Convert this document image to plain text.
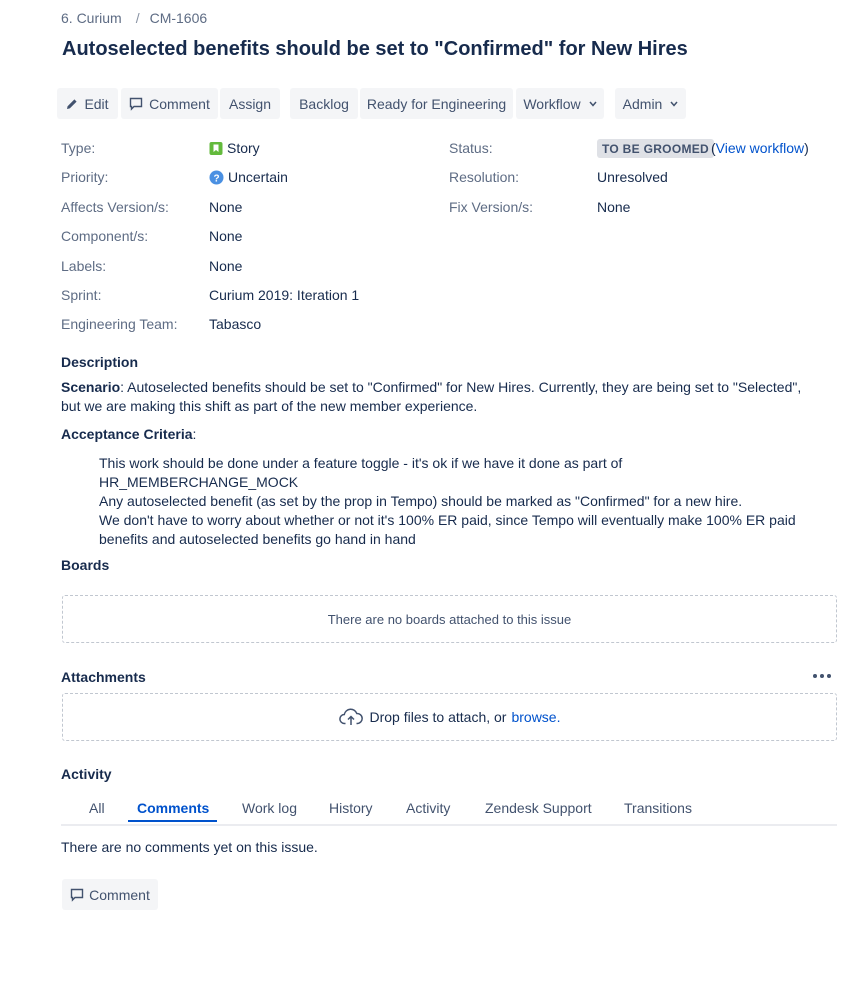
6. Curium / CM-1606
Autoselected benefits should be set to "Confirmed" for New Hires
Edit	Comment	Assign	Backlog	Ready for Engineering	Workflow	Admin
Type:	Story
Priority:	? Uncertain
Affects Version/s:	None
Component/s:	None
Labels:	None
Sprint:	Curium 2019: Iteration 1
Engineering Team: Tabasco
Status:	TO BE GROOMED (View workflow)
Resolution:	Unresolved
Fix Version/s:	None
Description
Scenario: Autoselected benefits should be set to "Confirmed" for New Hires. Currently, they are being set to "Selected", but we are making this shift as part of the new member experience.
Acceptance Criteria:

This work should be done under a feature toggle - it's ok if we have it done as part of HR_MEMBERCHANGE_MOCK

Any autoselected benefit (as set by the prop in Tempo) should be marked as "Confirmed" for a new hire.

We don't have to worry about whether or not it's 100% ER paid, since Tempo will eventually make 100% ER paid benefits and autoselected benefits go hand in hand

Boards
There are no boards attached to this issue
Attachments
Drop files to attach, or browse.
Activity
All Comments Work log History Activity Zendesk Support Transitions
There are no comments yet on this issue.
Comment
